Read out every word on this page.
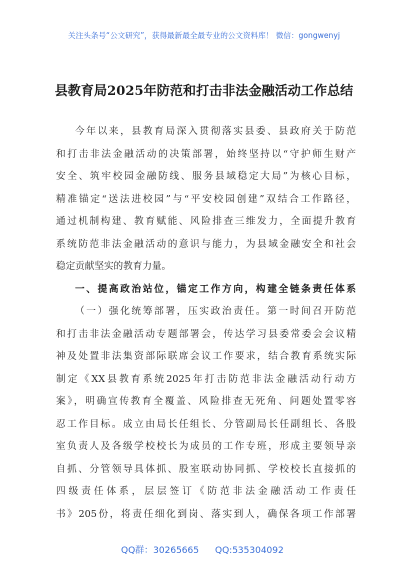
关注头条号“公文研究”，获得最新最全最专业的公文资料库！ 微信：gongwenyj
县教育局2025年防范和打击非法金融活动工作总结
今年以来，县教育局深入贯彻落实县委、县政府关于防范
和打击非法金融活动的决策部署，始终坚持以“守护师生财产
安全、筑牢校园金融防线、服务县域稳定大局”为核心目标，
精准锚定“送法进校园”与“平安校园创建”双结合工作路径，
通过机制构建、教育赋能、风险排查三维发力，全面提升教育
系统防范非法金融活动的意识与能力，为县域金融安全和社会
稳定贡献坚实的教育力量。
一、提高政治站位，锚定工作方向，构建全链条责任体系
（一）强化统筹部署，压实政治责任。第一时间召开防范
和打击非法金融活动专题部署会，传达学习县委常委会会议精
神及处置非法集资部际联席会议工作要求，结合教育系统实际
制定《XX县教育系统2025年打击防范非法金融活动行动方
案》，明确宣传教育全覆盖、风险排查无死角、问题处置零容
忍工作目标。成立由局长任组长、分管副局长任副组长、各股
室负责人及各级学校校长为成员的工作专班，形成主要领导亲
自抓、分管领导具体抓、股室联动协同抓、学校校长直接抓的
四级责任体系，层层签订《防范非法金融活动工作责任
书》205份，将责任细化到岗、落实到人，确保各项工作部署
QQ群：30265665 QQ:535304092
